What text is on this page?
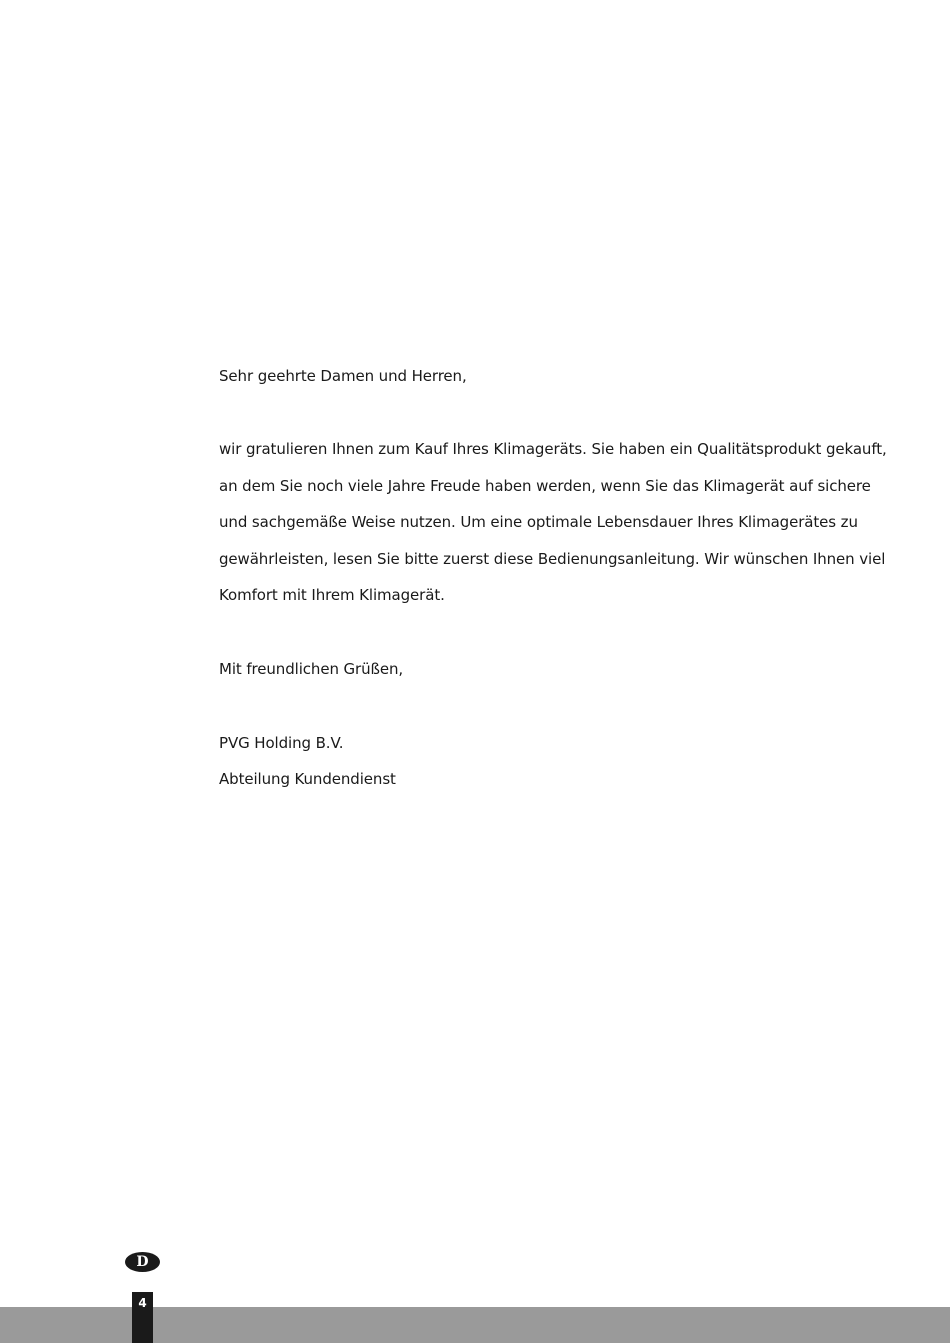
Sehr geehrte Damen und Herren,
wir gratulieren Ihnen zum Kauf Ihres Klimageräts. Sie haben ein Qualitätsprodukt gekauft,
an dem Sie noch viele Jahre Freude haben werden, wenn Sie das Klimagerät auf sichere
und sachgemäße Weise nutzen. Um eine optimale Lebensdauer Ihres Klimagerätes zu
gewährleisten, lesen Sie bitte zuerst diese Bedienungsanleitung. Wir wünschen Ihnen viel
Komfort mit Ihrem Klimagerät.
Mit freundlichen Grüßen,
PVG Holding B.V.
Abteilung Kundendienst
D
4
